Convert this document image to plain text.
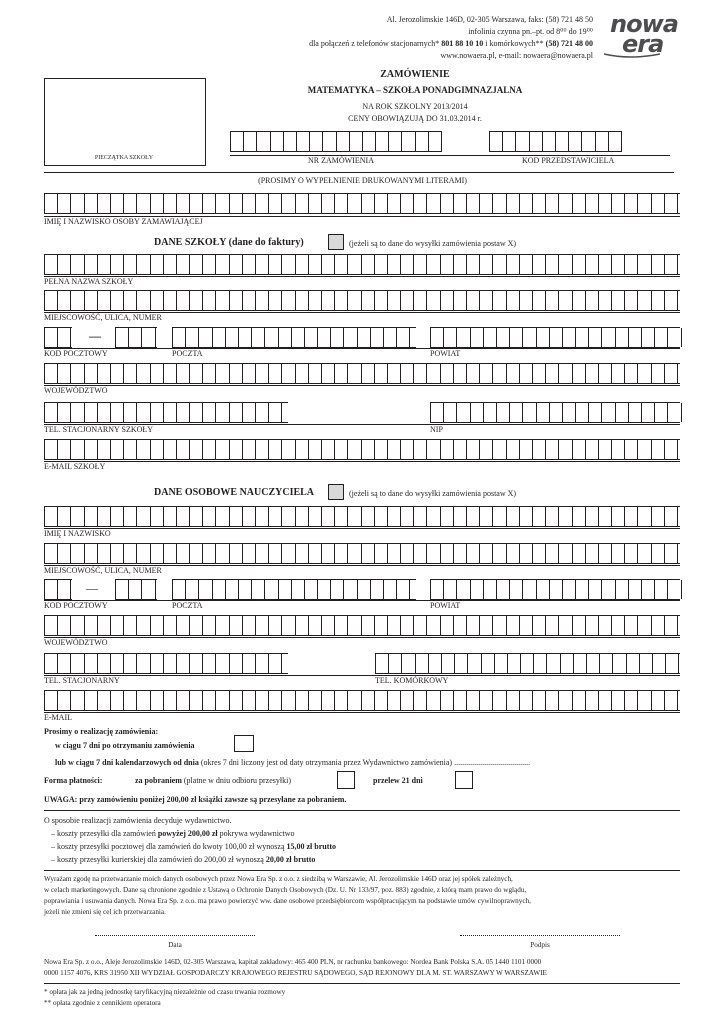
Al. Jerozolimskie 146D, 02-305 Warszawa, faks: (58) 721 48 50
infolinia czynna pn.–pt. od 8⁰⁰ do 19⁰⁰
dla połączeń z telefonów stacjonarnych* 801 88 10 10 i komórkowych** (58) 721 48 00
www.nowaera.pl, e-mail: nowaera@nowaera.pl
nowa
era
ZAMÓWIENIE
MATEMATYKA – SZKOŁA PONADGIMNAZJALNA
NA ROK SZKOLNY 2013/2014
CENY OBOWIĄZUJĄ DO 31.03.2014 r.
PIECZĄTKA SZKOŁY	NR ZAMÓWIENIA	KOD PRZEDSTAWICIELA
(PROSIMY O WYPEŁNIENIE DRUKOWANYMI LITERAMI)
IMIĘ I NAZWISKO OSOBY ZAMAWIAJĄCEJ
DANE SZKOŁY (dane do faktury)	(jeżeli są to dane do wysyłki zamówienia postaw X)
PEŁNA NAZWA SZKOŁY
MIEJSCOWOŚĆ, ULICA, NUMER
—
KOD POCZTOWY	POCZTA	POWIAT
WOJEWÓDZTWO
TEL. STACJONARNY SZKOŁY	NIP
E-MAIL SZKOŁY
DANE OSOBOWE NAUCZYCIELA	(jeżeli są to dane do wysyłki zamówienia postaw X)
IMIĘ I NAZWISKO
MIEJSCOWOŚĆ, ULICA, NUMER
—
KOD POCZTOWY	POCZTA	POWIAT
WOJEWÓDZTWO
TEL. STACJONARNY	TEL. KOMÓRKOWY
E-MAIL
Prosimy o realizację zamówienia:
w ciągu 7 dni po otrzymaniu zamówienia
lub w ciągu 7 dni kalendarzowych od dnia (okres 7 dni liczony jest od daty otrzymania przez Wydawnictwo zamówienia) ......................................
Forma płatności:	za pobraniem (platne w dniu odbioru przesyłki)	przelew 21 dni
UWAGA: przy zamówieniu poniżej 200,00 zł książki zawsze są przesyłane za pobraniem.
O sposobie realizacji zamówienia decyduje wydawnictwo.
– koszty przesyłki dla zamówień powyżej 200,00 zł pokrywa wydawnictwo
– koszty przesyłki pocztowej dla zamówień do kwoty 100,00 zł wynoszą 15,00 zł brutto
– koszty przesyłki kurierskiej dla zamówień do 200,00 zł wynoszą 20,00 zł brutto
Wyrażam zgodę na przetwarzanie moich danych osobowych przez Nowa Era Sp. z o.o. z siedzibą w Warszawie, Al. Jerozolimskie 146D oraz jej spółek zależnych,
w celach marketingowych. Dane są chronione zgodnie z Ustawą o Ochronie Danych Osobowych (Dz. U. Nr 133/97, poz. 883) zgodnie, z którą mam prawo do wglądu,
poprawiania i usuwania danych. Nowa Era Sp. z o.o. ma prawo powierzyć ww. dane osobowe przedsiębiorcom współpracującym na podstawie umów cywilnoprawnych,
jeżeli nie zmieni się cel ich przetwarzania.
Data	Podpis
Nowa Era Sp. z o.o., Aleje Jerozolimskie 146D, 02-305 Warszawa, kapitał zakładowy: 465 400 PLN, nr rachunku bankowego: Nordea Bank Polska S.A. 05 1440 1101 0000
0000 1157 4076, KRS 31950 XII WYDZIAŁ GOSPODARCZY KRAJOWEGO REJESTRU SĄDOWEGO, SĄD REJONOWY DLA M. ST. WARSZAWY W WARSZAWIE
* opłata jak za jedną jednostkę taryfikacyjną niezależnie od czasu trwania rozmowy
** opłata zgodnie z cennikiem operatora
